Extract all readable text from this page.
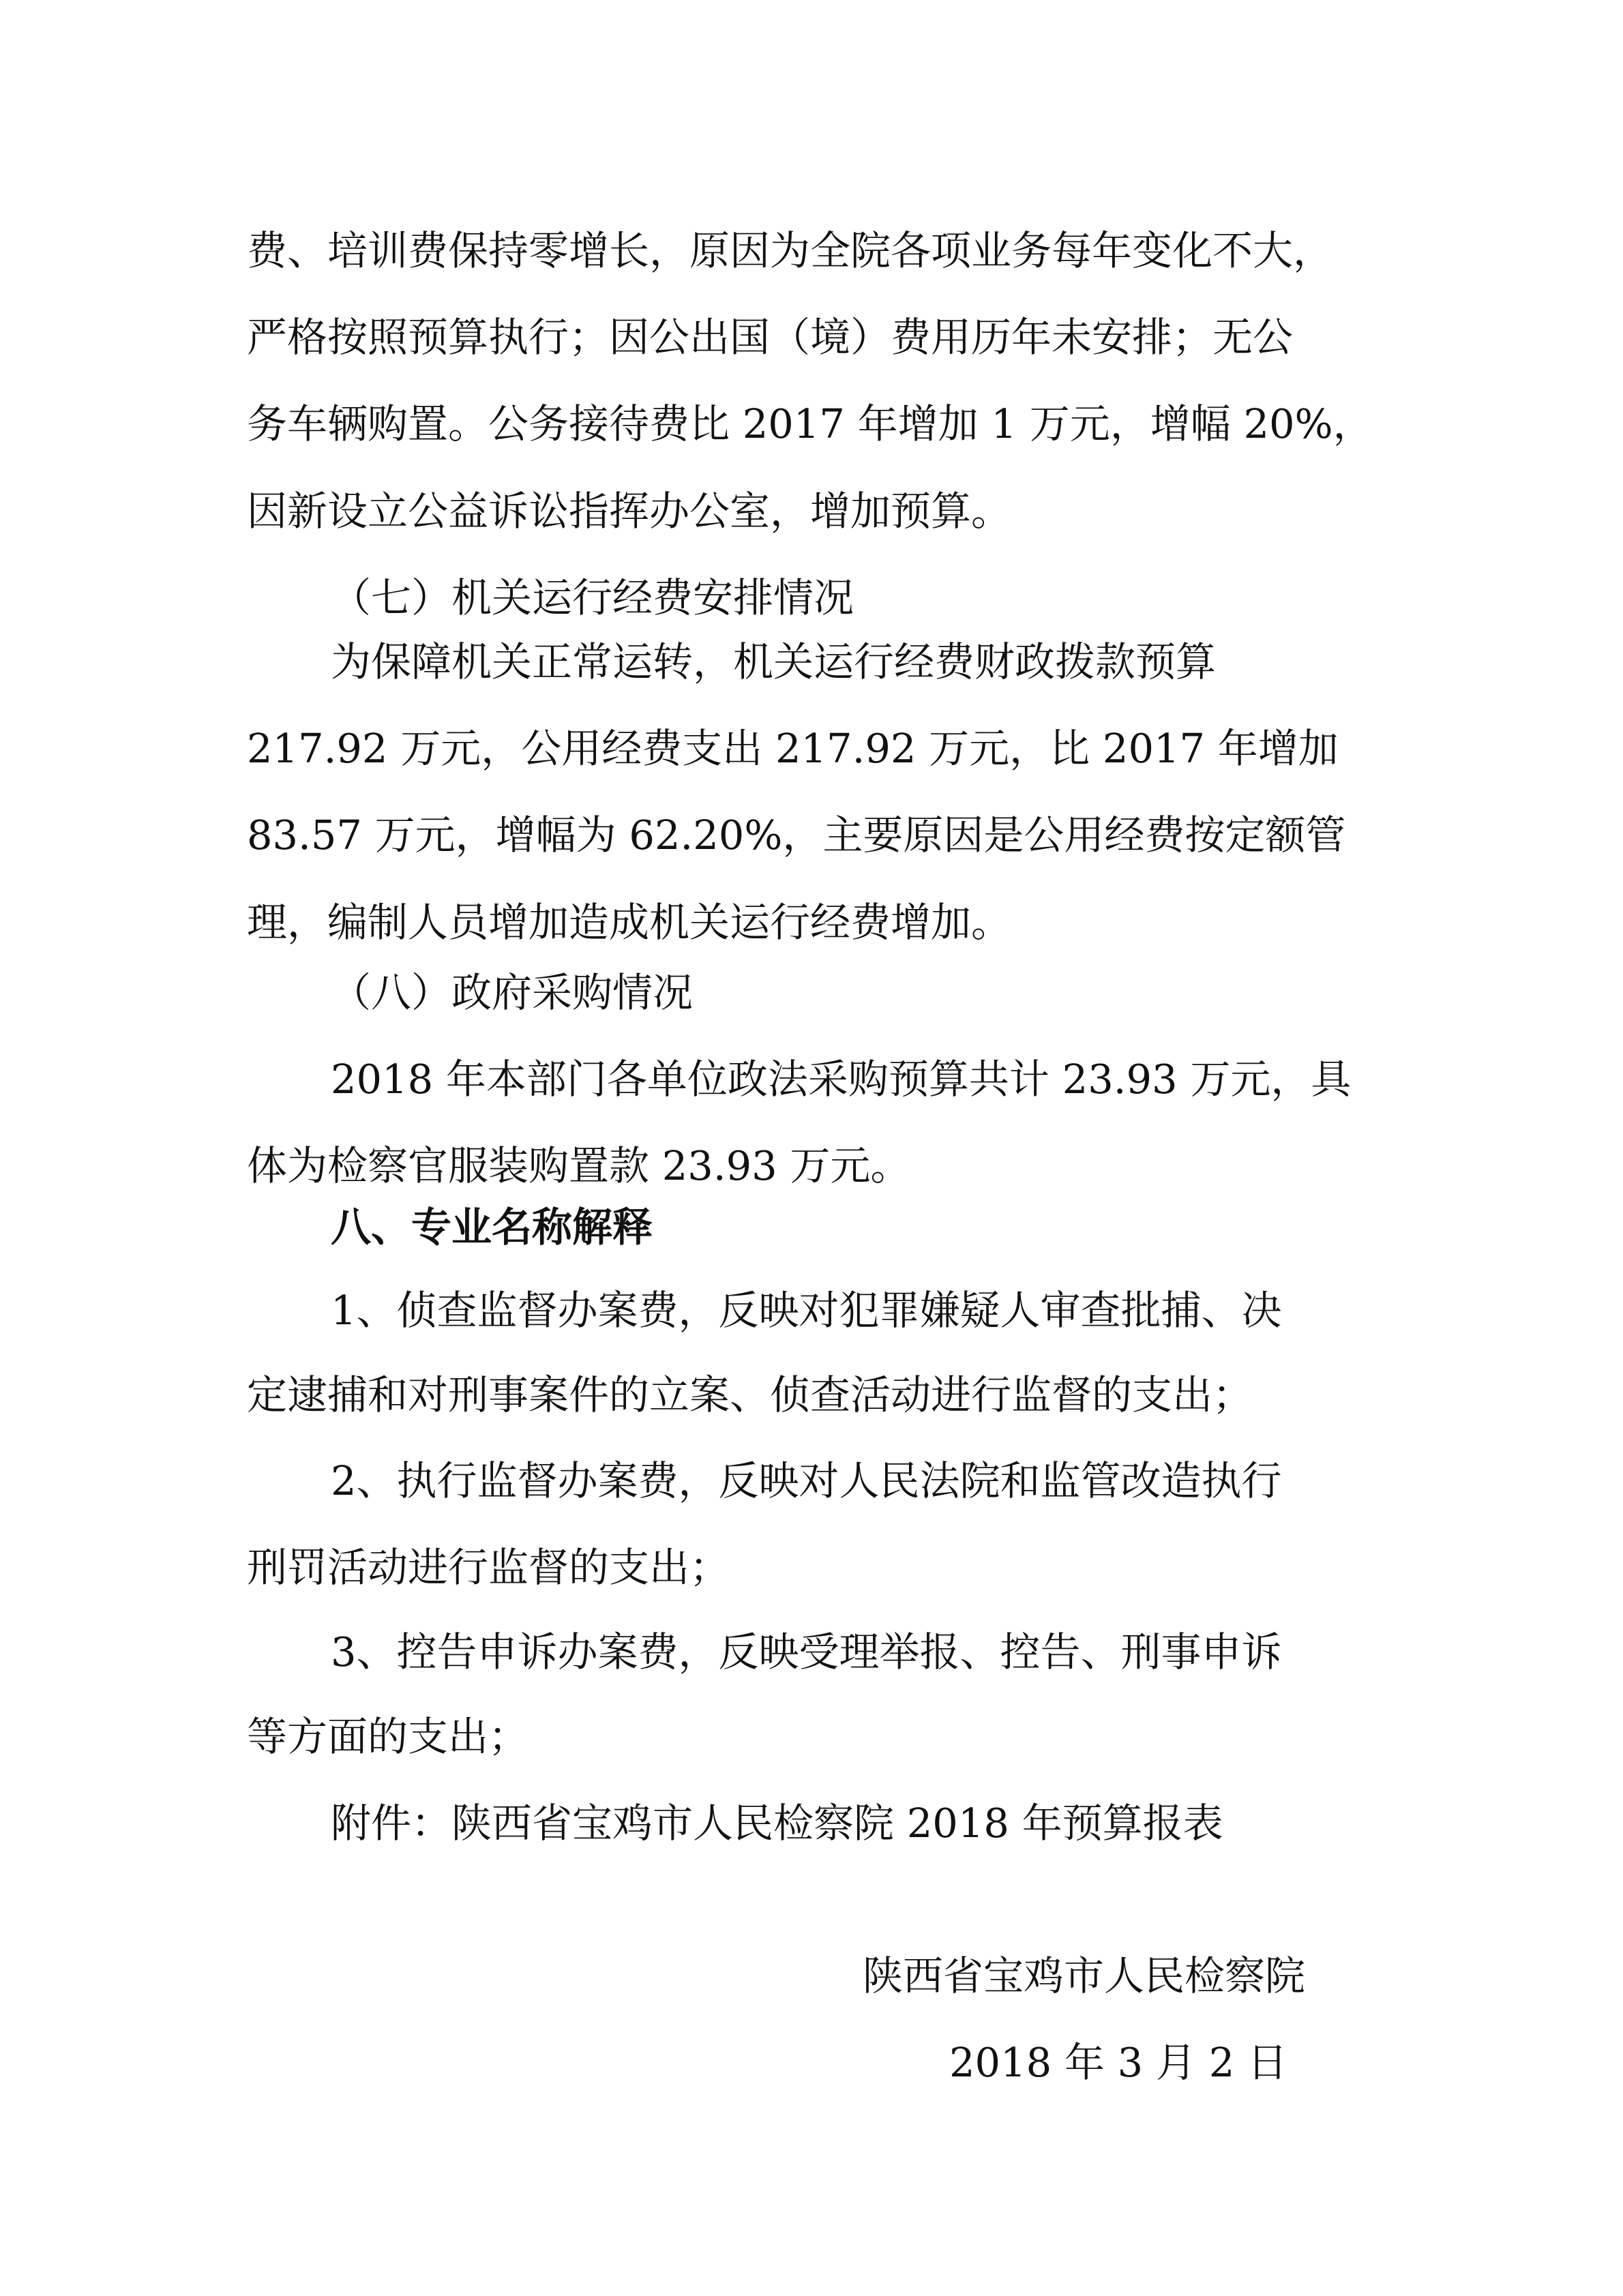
费、培训费保持零增长，原因为全院各项业务每年变化不大，
严格按照预算执行；因公出国（境）费用历年未安排；无公
务车辆购置。公务接待费比 2017 年增加 1 万元，增幅 20%，
因新设立公益诉讼指挥办公室，增加预算。
（七）机关运行经费安排情况
为保障机关正常运转，机关运行经费财政拨款预算
217.92 万元，公用经费支出 217.92 万元，比 2017 年增加
83.57 万元，增幅为 62.20%，主要原因是公用经费按定额管
理，编制人员增加造成机关运行经费增加。
（八）政府采购情况
2018 年本部门各单位政法采购预算共计 23.93 万元，具
体为检察官服装购置款 23.93 万元。
八、专业名称解释
1、侦查监督办案费，反映对犯罪嫌疑人审查批捕、决
定逮捕和对刑事案件的立案、侦查活动进行监督的支出；
2、执行监督办案费，反映对人民法院和监管改造执行
刑罚活动进行监督的支出；
3、控告申诉办案费，反映受理举报、控告、刑事申诉
等方面的支出；
附件：陕西省宝鸡市人民检察院 2018 年预算报表
陕西省宝鸡市人民检察院
2018 年 3 月 2 日
